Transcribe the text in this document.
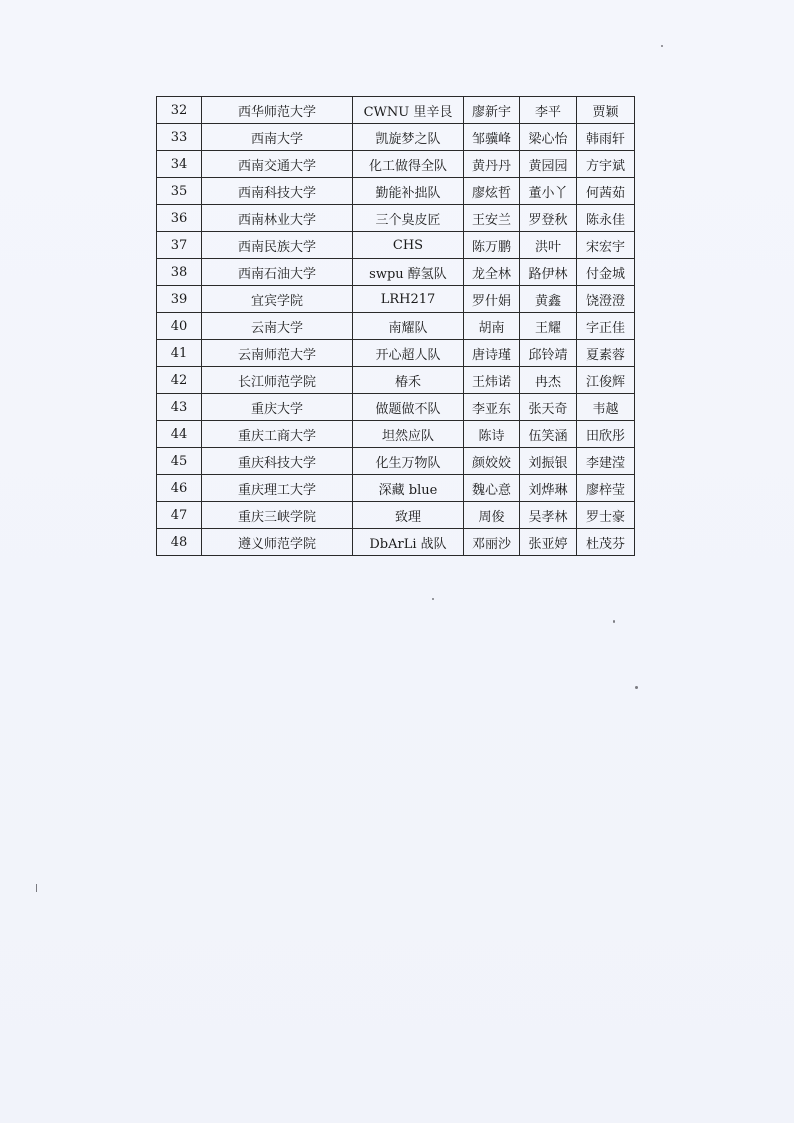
32	西华师范大学	CWNU 里辛艮	廖新宇	李平	贾颖
33	西南大学	凯旋梦之队	邹骥峰	梁心怡	韩雨轩
34	西南交通大学	化工做得全队	黄丹丹	黄园园	方宇斌
35	西南科技大学	勤能补拙队	廖炫哲	董小丫	何茜茹
36	西南林业大学	三个臭皮匠	王安兰	罗登秋	陈永佳
37	西南民族大学	CHS	陈万鹏	洪叶	宋宏宇
38	西南石油大学	swpu 醇氢队	龙全林	路伊林	付金城
39	宜宾学院	LRH217	罗什娟	黄鑫	饶澄澄
40	云南大学	南耀队	胡南	王耀	字正佳
41	云南师范大学	开心超人队	唐诗瑾	邱铃靖	夏素蓉
42	长江师范学院	椿禾	王炜诺	冉杰	江俊辉
43	重庆大学	做题做不队	李亚东	张天奇	韦越
44	重庆工商大学	坦然应队	陈诗	伍笑涵	田欣彤
45	重庆科技大学	化生万物队	颜姣姣	刘振银	李建滢
46	重庆理工大学	深藏 blue	魏心意	刘烨琳	廖梓莹
47	重庆三峡学院	致理	周俊	吴孝林	罗士豪
48	遵义师范学院	DbArLi 战队	邓丽沙	张亚婷	杜茂芬
